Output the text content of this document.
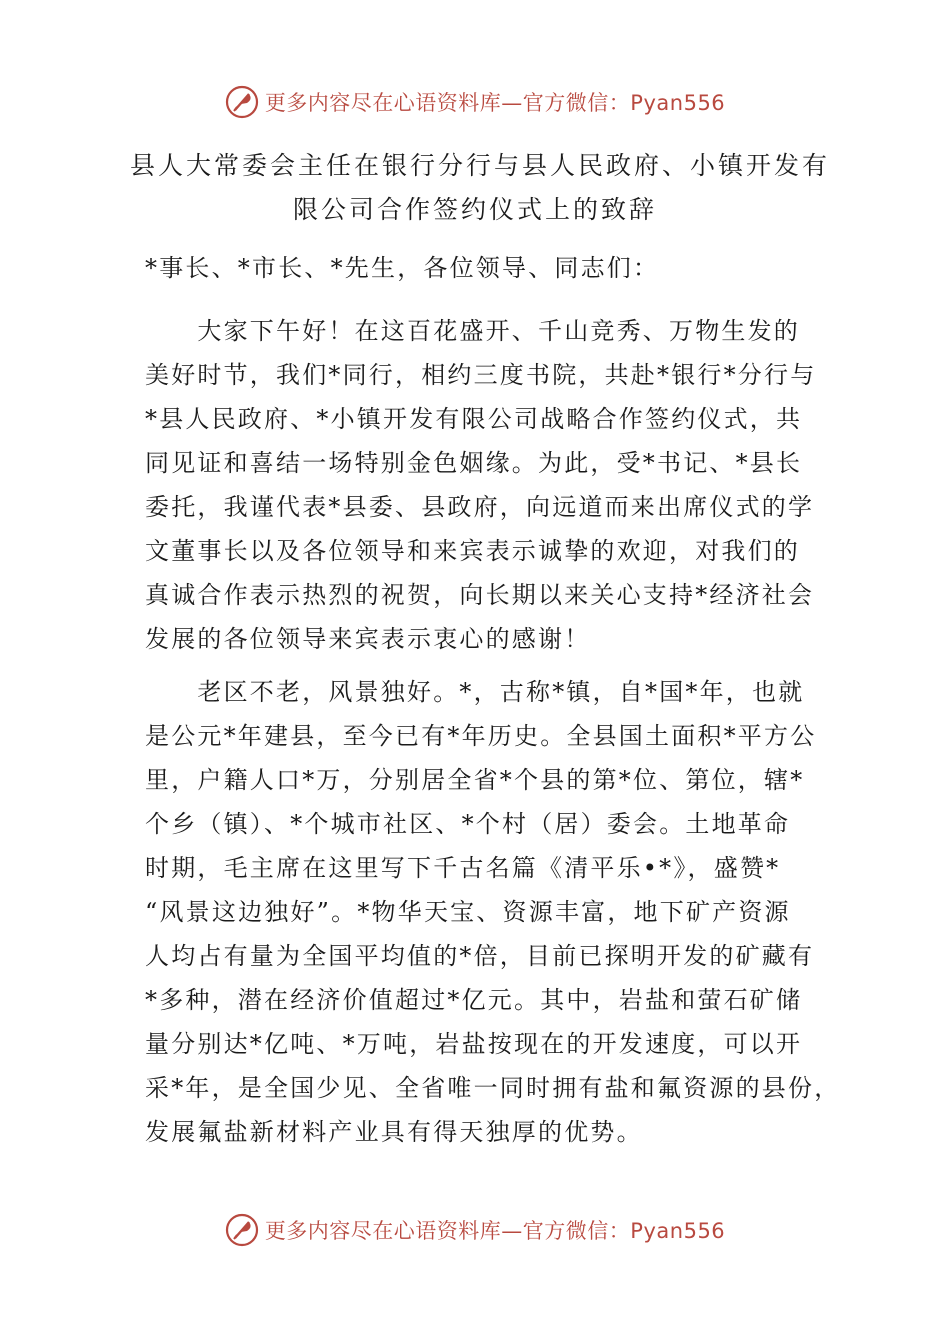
更多内容尽在心语资料库—官方微信：Pyan556
县人大常委会主任在银行分行与县人民政府、小镇开发有
限公司合作签约仪式上的致辞
*事长、*市长、*先生，各位领导、同志们：
　　大家下午好！在这百花盛开、千山竞秀、万物生发的
美好时节，我们*同行，相约三度书院，共赴*银行*分行与
*县人民政府、*小镇开发有限公司战略合作签约仪式，共
同见证和喜结一场特别金色姻缘。为此，受*书记、*县长
委托，我谨代表*县委、县政府，向远道而来出席仪式的学
文董事长以及各位领导和来宾表示诚挚的欢迎，对我们的
真诚合作表示热烈的祝贺，向长期以来关心支持*经济社会
发展的各位领导来宾表示衷心的感谢！
　　老区不老，风景独好。*，古称*镇，自*国*年，也就
是公元*年建县，至今已有*年历史。全县国土面积*平方公
里，户籍人口*万，分别居全省*个县的第*位、第位，辖*
个乡（镇）、*个城市社区、*个村（居）委会。土地革命
时期，毛主席在这里写下千古名篇《清平乐•*》，盛赞*
“风景这边独好”。*物华天宝、资源丰富，地下矿产资源
人均占有量为全国平均值的*倍，目前已探明开发的矿藏有
*多种，潜在经济价值超过*亿元。其中，岩盐和萤石矿储
量分别达*亿吨、*万吨，岩盐按现在的开发速度，可以开
采*年，是全国少见、全省唯一同时拥有盐和氟资源的县份，
发展氟盐新材料产业具有得天独厚的优势。
更多内容尽在心语资料库—官方微信：Pyan556
